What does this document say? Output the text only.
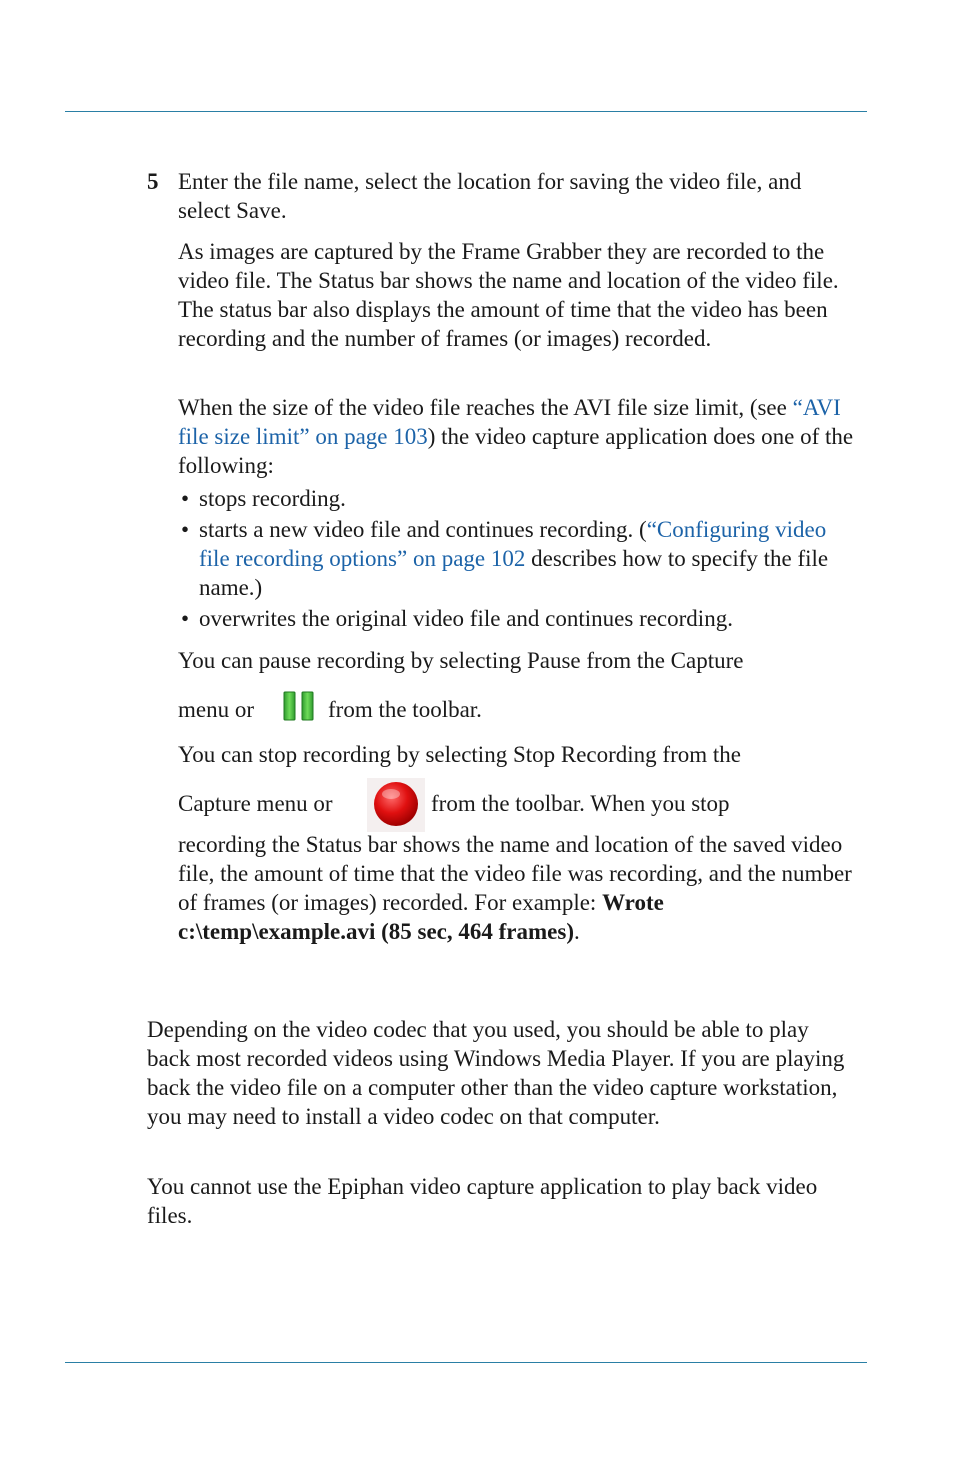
5 Enter the file name, select the location for saving the video file, and select Save.

As images are captured by the Frame Grabber they are recorded to the video file. The Status bar shows the name and location of the video file. The status bar also displays the amount of time that the video has been recording and the number of frames (or images) recorded.

When the size of the video file reaches the AVI file size limit, (see “AVI file size limit” on page 103) the video capture application does one of the following:

• stops recording.
• starts a new video file and continues recording. (“Configuring video file recording options” on page 102 describes how to specify the file name.)
• overwrites the original video file and continues recording.

You can pause recording by selecting Pause from the Capture

menu or	from the toolbar.

You can stop recording by selecting Stop Recording from the

Capture menu or	from the toolbar. When you stop

recording the Status bar shows the name and location of the saved video file, the amount of time that the video file was recording, and the number of frames (or images) recorded. For example: Wrote c:\temp\example.avi (85 sec, 464 frames).

Depending on the video codec that you used, you should be able to play back most recorded videos using Windows Media Player. If you are playing back the video file on a computer other than the video capture workstation, you may need to install a video codec on that computer.

You cannot use the Epiphan video capture application to play back video files.
